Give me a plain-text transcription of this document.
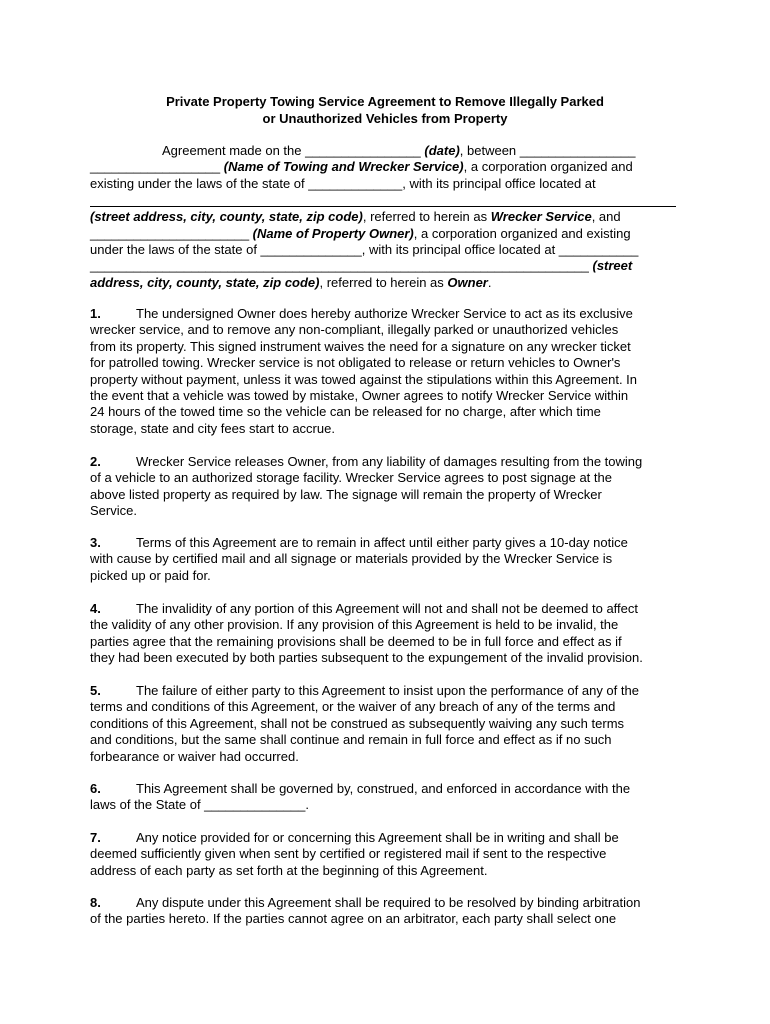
Private Property Towing Service Agreement to Remove Illegally Parked
or Unauthorized Vehicles from Property
Agreement made on the ________________ (date), between ________________
__________________ (Name of Towing and Wrecker Service), a corporation organized and
existing under the laws of the state of _____________, with its principal office located at
(street address, city, county, state, zip code), referred to herein as Wrecker Service, and
______________________ (Name of Property Owner), a corporation organized and existing
under the laws of the state of ______________, with its principal office located at ___________
_____________________________________________________________________ (street
address, city, county, state, zip code), referred to herein as Owner.
1.	The undersigned Owner does hereby authorize Wrecker Service to act as its exclusive
wrecker service, and to remove any non-compliant, illegally parked or unauthorized vehicles
from its property. This signed instrument waives the need for a signature on any wrecker ticket
for patrolled towing. Wrecker service is not obligated to release or return vehicles to Owner's
property without payment, unless it was towed against the stipulations within this Agreement. In
the event that a vehicle was towed by mistake, Owner agrees to notify Wrecker Service within
24 hours of the towed time so the vehicle can be released for no charge, after which time
storage, state and city fees start to accrue.
2.	Wrecker Service releases Owner, from any liability of damages resulting from the towing
of a vehicle to an authorized storage facility. Wrecker Service agrees to post signage at the
above listed property as required by law. The signage will remain the property of Wrecker
Service.
3.	Terms of this Agreement are to remain in affect until either party gives a 10-day notice
with cause by certified mail and all signage or materials provided by the Wrecker Service is
picked up or paid for.
4.	The invalidity of any portion of this Agreement will not and shall not be deemed to affect
the validity of any other provision. If any provision of this Agreement is held to be invalid, the
parties agree that the remaining provisions shall be deemed to be in full force and effect as if
they had been executed by both parties subsequent to the expungement of the invalid provision.
5.	The failure of either party to this Agreement to insist upon the performance of any of the
terms and conditions of this Agreement, or the waiver of any breach of any of the terms and
conditions of this Agreement, shall not be construed as subsequently waiving any such terms
and conditions, but the same shall continue and remain in full force and effect as if no such
forbearance or waiver had occurred.
6.	This Agreement shall be governed by, construed, and enforced in accordance with the
laws of the State of ______________.
7.	Any notice provided for or concerning this Agreement shall be in writing and shall be
deemed sufficiently given when sent by certified or registered mail if sent to the respective
address of each party as set forth at the beginning of this Agreement.
8.	Any dispute under this Agreement shall be required to be resolved by binding arbitration
of the parties hereto. If the parties cannot agree on an arbitrator, each party shall select one
